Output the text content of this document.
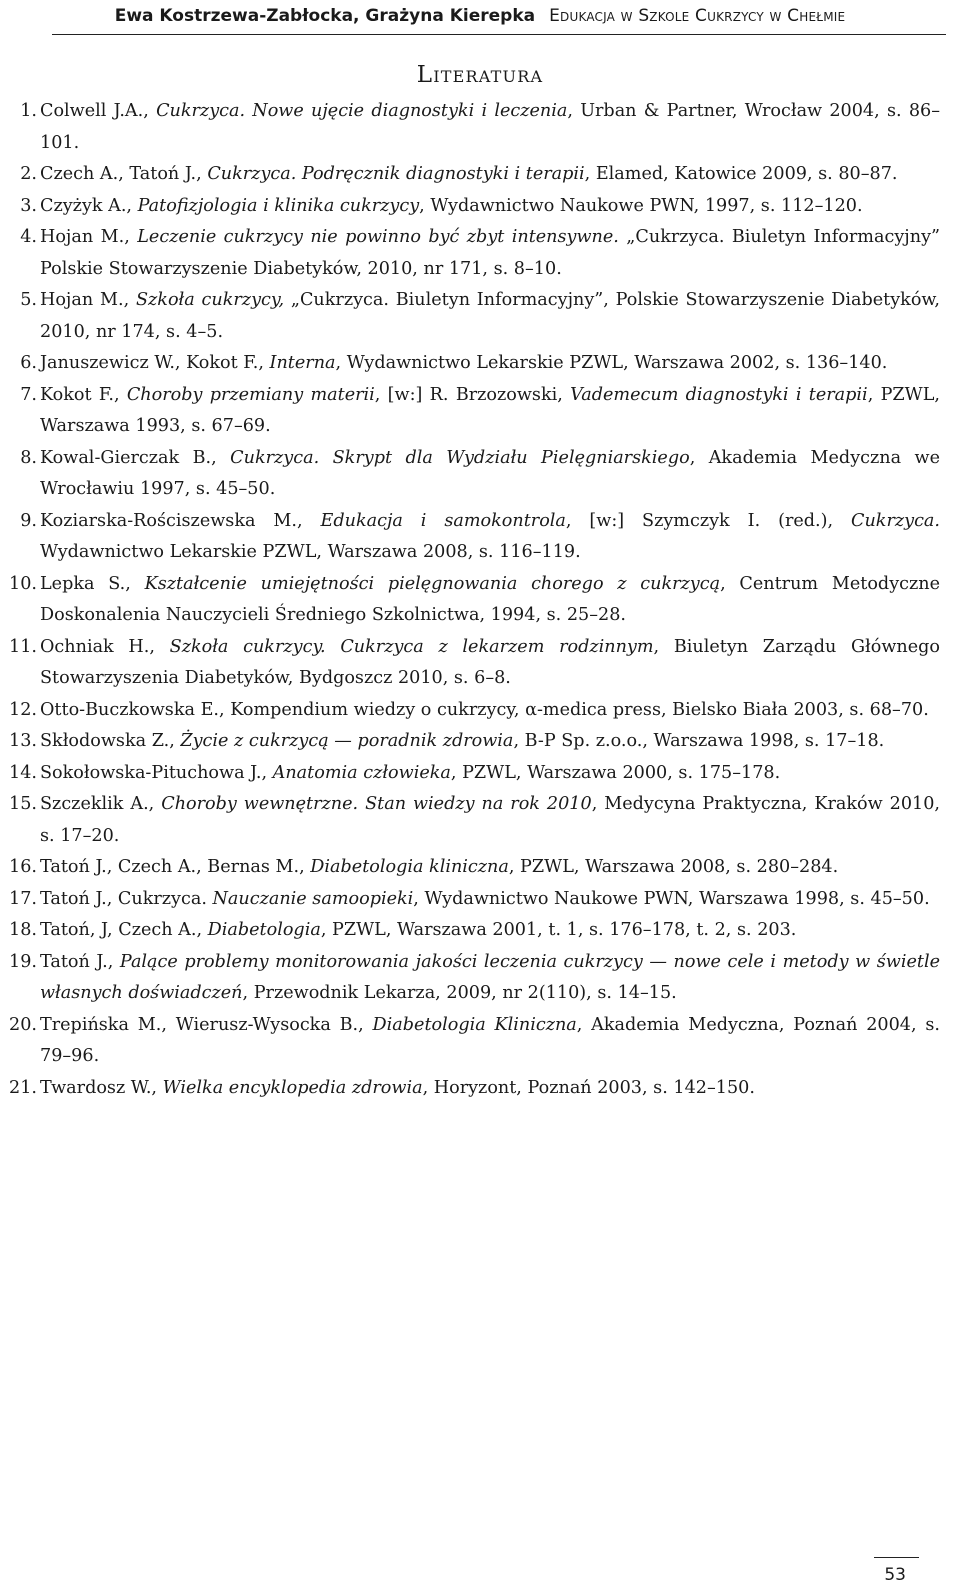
Ewa Kostrzewa-Zabłocka, Grażyna Kierepka Edukacja w Szkole Cukrzycy w Chełmie
Literatura
1. Colwell J.A., Cukrzyca. Nowe ujęcie diagnostyki i leczenia, Urban & Partner, Wrocław 2004, s. 86–101.
2. Czech A., Tatoń J., Cukrzyca. Podręcznik diagnostyki i terapii, Elamed, Katowice 2009, s. 80–87.
3. Czyżyk A., Patofizjologia i klinika cukrzycy, Wydawnictwo Naukowe PWN, 1997, s. 112–120.
4. Hojan M., Leczenie cukrzycy nie powinno być zbyt intensywne. „Cukrzyca. Biuletyn Informacyjny” Polskie Stowarzyszenie Diabetyków, 2010, nr 171, s. 8–10.
5. Hojan M., Szkoła cukrzycy, „Cukrzyca. Biuletyn Informacyjny”, Polskie Stowarzyszenie Diabetyków, 2010, nr 174, s. 4–5.
6. Januszewicz W., Kokot F., Interna, Wydawnictwo Lekarskie PZWL, Warszawa 2002, s. 136–140.
7. Kokot F., Choroby przemiany materii, [w:] R. Brzozowski, Vademecum diagnostyki i terapii, PZWL, Warszawa 1993, s. 67–69.
8. Kowal-Gierczak B., Cukrzyca. Skrypt dla Wydziału Pielęgniarskiego, Akademia Medyczna we Wrocławiu 1997, s. 45–50.
9. Koziarska-Rościszewska M., Edukacja i samokontrola, [w:] Szymczyk I. (red.), Cukrzyca. Wydawnictwo Lekarskie PZWL, Warszawa 2008, s. 116–119.
10. Lepka S., Kształcenie umiejętności pielęgnowania chorego z cukrzycą, Centrum Metodyczne Doskonalenia Nauczycieli Średniego Szkolnictwa, 1994, s. 25–28.
11. Ochniak H., Szkoła cukrzycy. Cukrzyca z lekarzem rodzinnym, Biuletyn Zarządu Głównego Stowarzyszenia Diabetyków, Bydgoszcz 2010, s. 6–8.
12. Otto-Buczkowska E., Kompendium wiedzy o cukrzycy, α-medica press, Bielsko Biała 2003, s. 68–70.
13. Skłodowska Z., Życie z cukrzycą — poradnik zdrowia, B-P Sp. z.o.o., Warszawa 1998, s. 17–18.
14. Sokołowska-Pituchowa J., Anatomia człowieka, PZWL, Warszawa 2000, s. 175–178.
15. Szczeklik A., Choroby wewnętrzne. Stan wiedzy na rok 2010, Medycyna Praktyczna, Kraków 2010, s. 17–20.
16. Tatoń J., Czech A., Bernas M., Diabetologia kliniczna, PZWL, Warszawa 2008, s. 280–284.
17. Tatoń J., Cukrzyca. Nauczanie samoopieki, Wydawnictwo Naukowe PWN, Warszawa 1998, s. 45–50.
18. Tatoń, J, Czech A., Diabetologia, PZWL, Warszawa 2001, t. 1, s. 176–178, t. 2, s. 203.
19. Tatoń J., Palące problemy monitorowania jakości leczenia cukrzycy — nowe cele i metody w świetle własnych doświadczeń, Przewodnik Lekarza, 2009, nr 2(110), s. 14–15.
20. Trepińska M., Wierusz-Wysocka B., Diabetologia Kliniczna, Akademia Medyczna, Poznań 2004, s. 79–96.
21. Twardosz W., Wielka encyklopedia zdrowia, Horyzont, Poznań 2003, s. 142–150.
53
